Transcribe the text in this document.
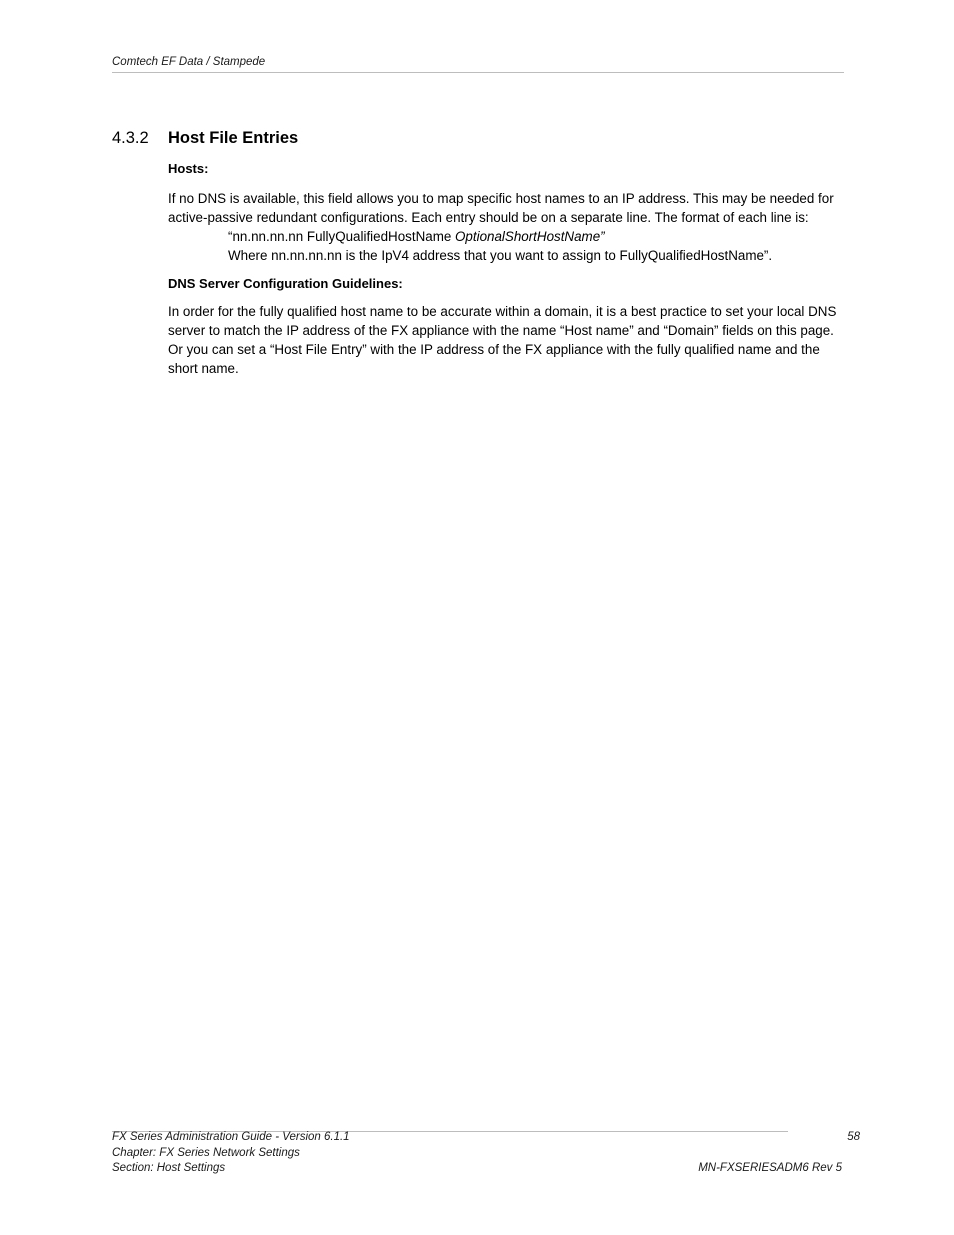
Comtech EF Data / Stampede
4.3.2 Host File Entries

Hosts:

If no DNS is available, this field allows you to map specific host names to an IP address. This may be needed for active-passive redundant configurations. Each entry should be on a separate line. The format of each line is:

“nn.nn.nn.nn FullyQualifiedHostName OptionalShortHostName”
Where nn.nn.nn.nn is the IpV4 address that you want to assign to FullyQualifiedHostName”.

DNS Server Configuration Guidelines:

In order for the fully qualified host name to be accurate within a domain, it is a best practice to set your local DNS server to match the IP address of the FX appliance with the name “Host name” and “Domain” fields on this page. Or you can set a “Host File Entry” with the IP address of the FX appliance with the fully qualified name and the short name.

FX Series Administration Guide - Version 6.1.1	58
Chapter: FX Series Network Settings
Section: Host Settings	MN-FXSERIESADM6 Rev 5
